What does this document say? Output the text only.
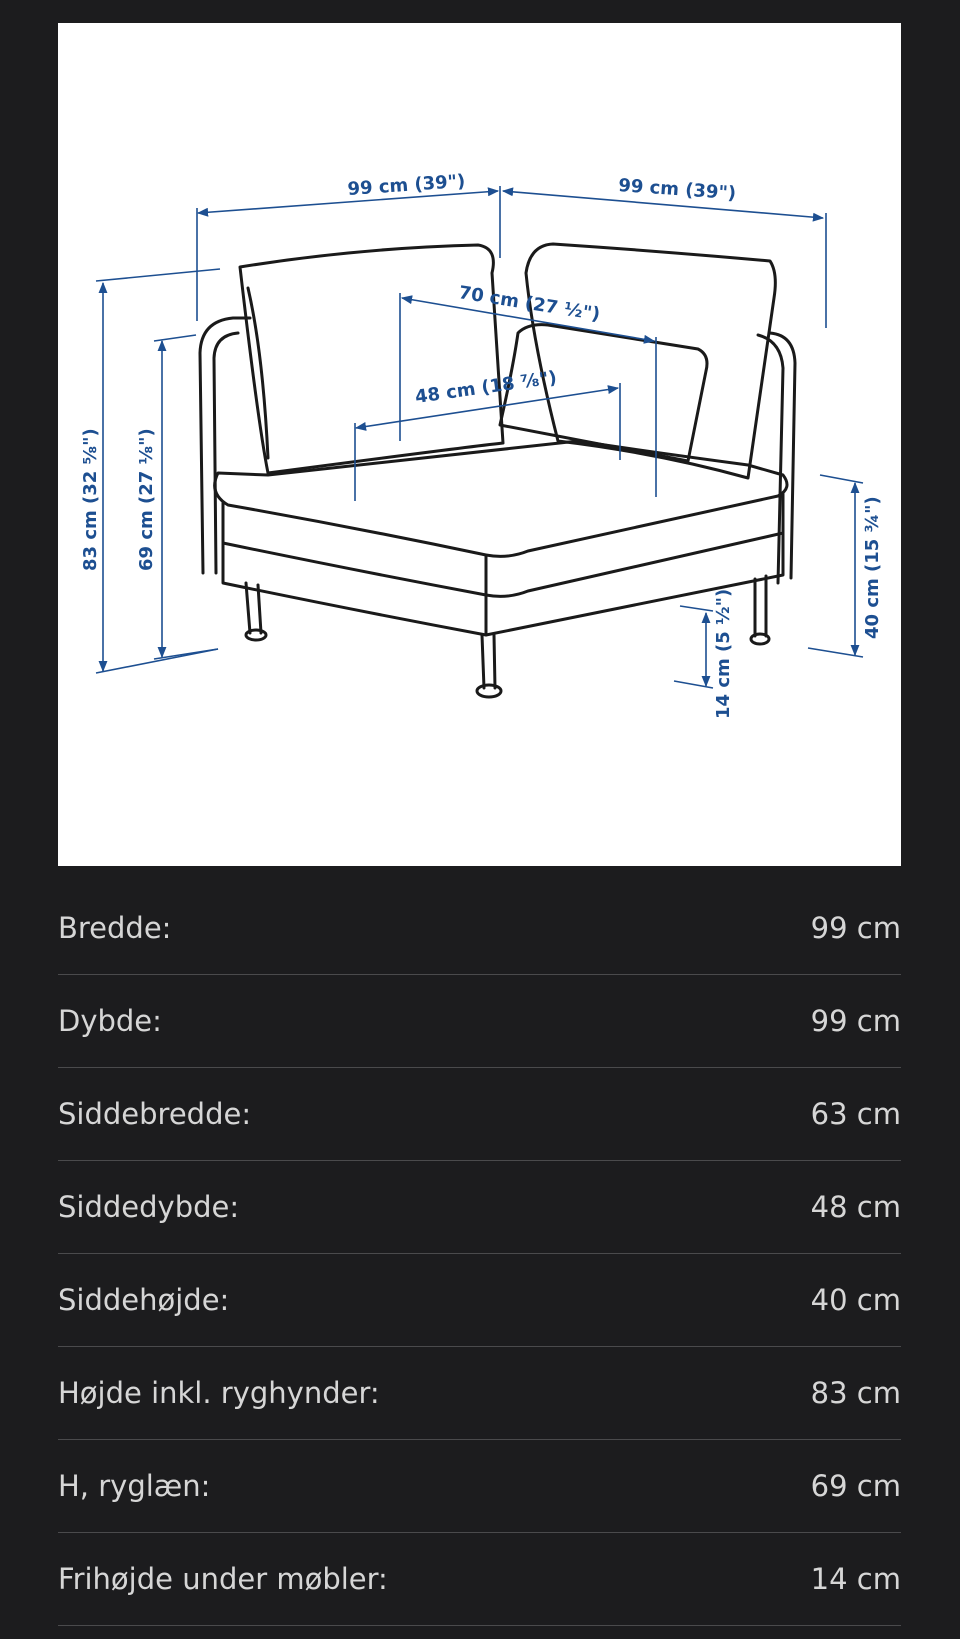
99 cm (39")	99 cm (39")
70 cm (27 ½")
48 cm (18 ⅞")
83 cm (32 ⅝") 69 cm (27 ⅛")	40 cm (15 ¾")
14 cm (5 ½")
Bredde:	99 cm
Dybde:	99 cm
Siddebredde:	63 cm
Siddedybde:	48 cm
Siddehøjde:	40 cm
Højde inkl. ryghynder:	83 cm
H, ryglæn:	69 cm
Frihøjde under møbler:	14 cm
